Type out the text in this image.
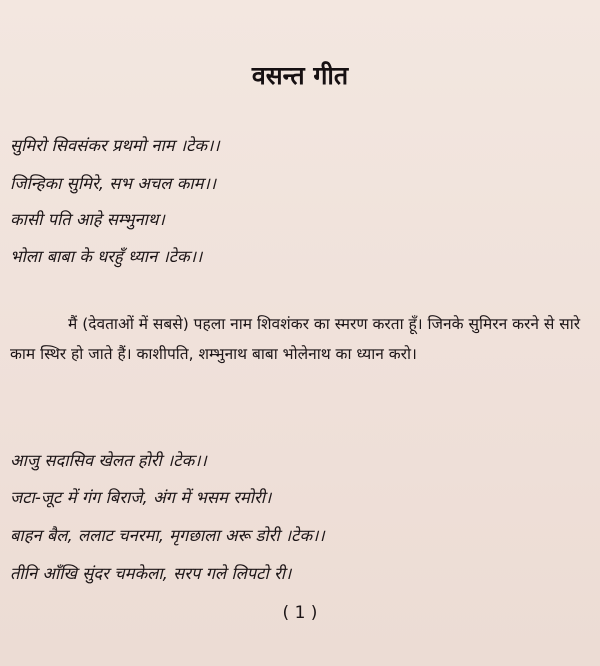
वसन्त गीत
सुमिरो सिवसंकर प्रथमो नाम ।टेक।।
जिन्हिका सुमिरे, सभ अचल काम।।
कासी पति आहे सम्भुनाथ।
भोला बाबा के धरहुँ ध्यान ।टेक।।
मैं (देवताओं में सबसे) पहला नाम शिवशंकर का स्मरण करता हूँ। जिनके सुमिरन करने से सारे काम स्थिर हो जाते हैं। काशीपति, शम्भुनाथ बाबा भोलेनाथ का ध्यान करो।
आजु सदासिव खेलत होरी ।टेक।।
जटा-जूट में गंग बिराजे, अंग में भसम रमोरी।
बाहन बैल, ललाट चनरमा, मृगछाला अरू डोरी ।टेक।।
तीनि आँखि सुंदर चमकेला, सरप गले लिपटो री।
( 1 )
